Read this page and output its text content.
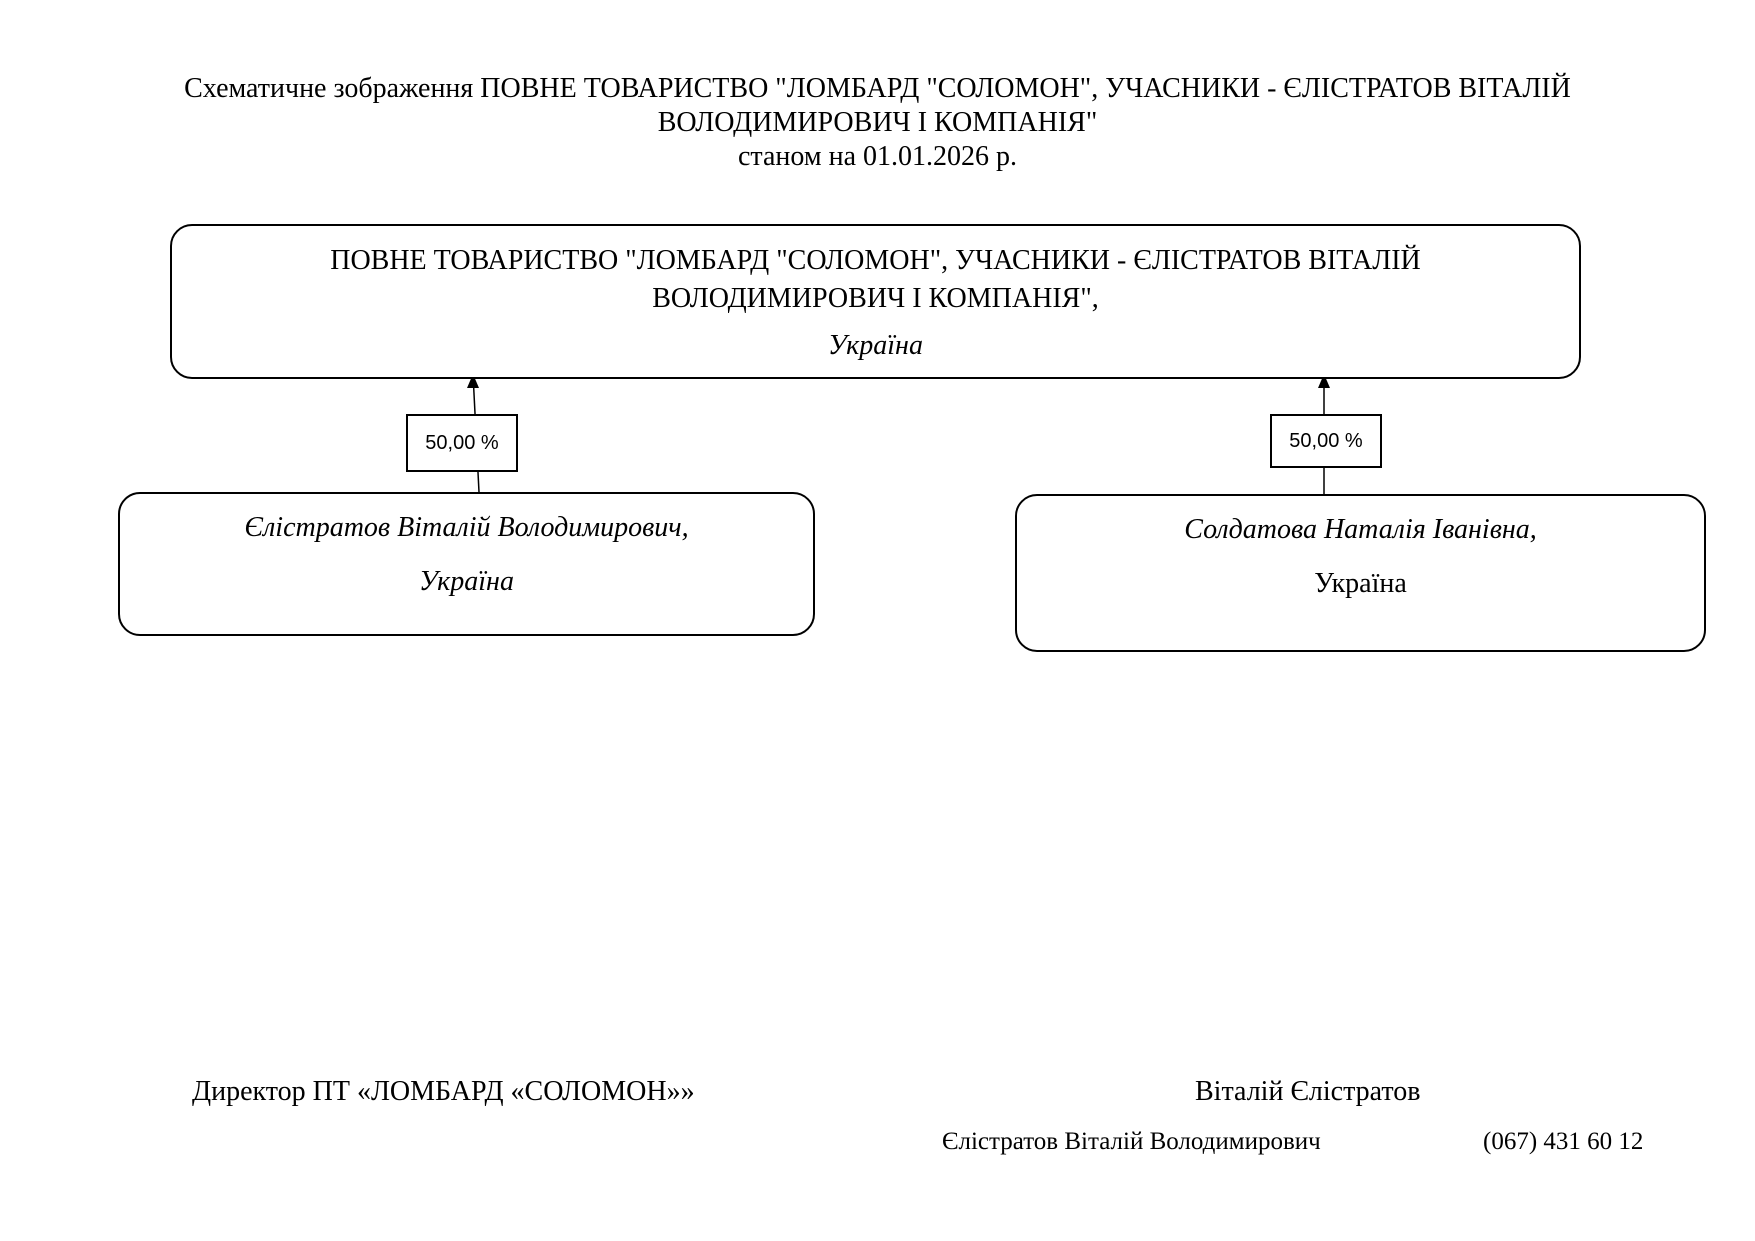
Схематичне зображення ПОВНЕ ТОВАРИСТВО "ЛОМБАРД "СОЛОМОН", УЧАСНИКИ - ЄЛІСТРАТОВ ВІТАЛІЙ
ВОЛОДИМИРОВИЧ І КОМПАНІЯ"
станом на 01.01.2026 р.
ПОВНЕ ТОВАРИСТВО "ЛОМБАРД "СОЛОМОН", УЧАСНИКИ - ЄЛІСТРАТОВ ВІТАЛІЙ
ВОЛОДИМИРОВИЧ І КОМПАНІЯ",
Україна
50,00 %	50,00 %
Єлістратов Віталій Володимирович,
Україна
Солдатова Наталія Іванівна,
Україна
Директор ПТ «ЛОМБАРД «СОЛОМОН»»	Віталій Єлістратов
Єлістратов Віталій Володимирович	(067) 431 60 12
